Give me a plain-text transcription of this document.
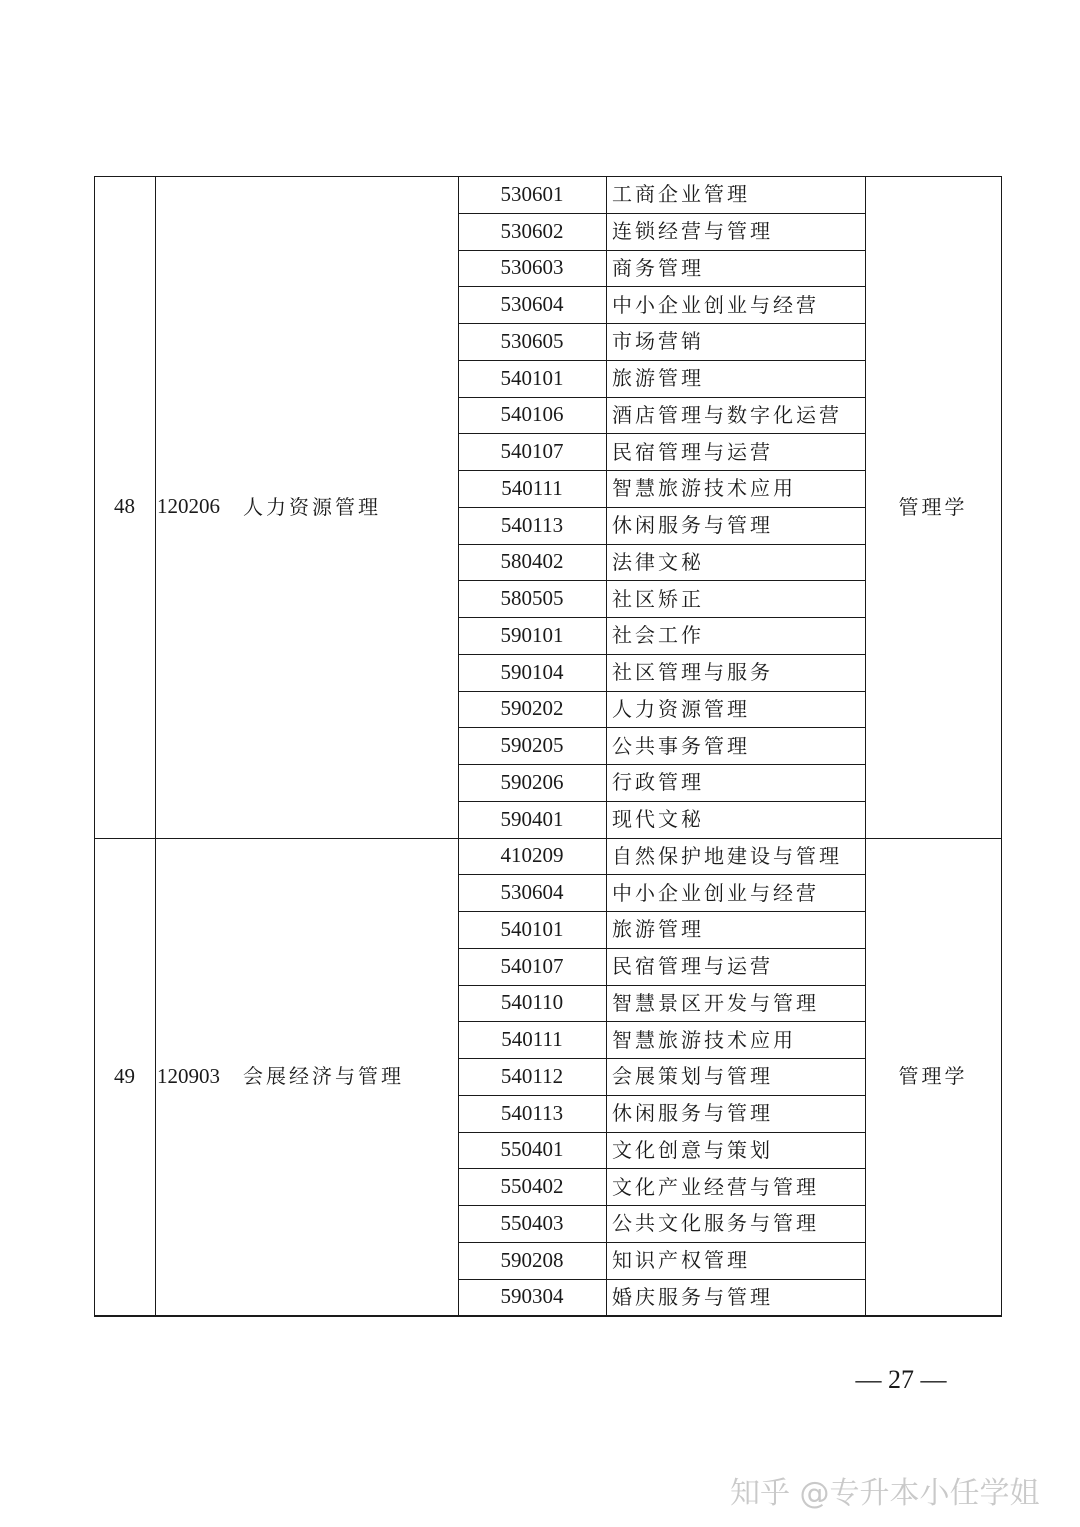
48	120206	人力资源管理	管理学
530601	工商企业管理
530602	连锁经营与管理
530603	商务管理
530604	中小企业创业与经营
530605	市场营销
540101	旅游管理
540106	酒店管理与数字化运营
540107	民宿管理与运营
540111	智慧旅游技术应用
540113	休闲服务与管理
580402	法律文秘
580505	社区矫正
590101	社会工作
590104	社区管理与服务
590202	人力资源管理
590205	公共事务管理
590206	行政管理
590401	现代文秘
49	120903	会展经济与管理	管理学
410209	自然保护地建设与管理
530604	中小企业创业与经营
540101	旅游管理
540107	民宿管理与运营
540110	智慧景区开发与管理
540111	智慧旅游技术应用
540112	会展策划与管理
540113	休闲服务与管理
550401	文化创意与策划
550402	文化产业经营与管理
550403	公共文化服务与管理
590208	知识产权管理
590304	婚庆服务与管理
— 27 —
知乎 @专升本小任学姐
